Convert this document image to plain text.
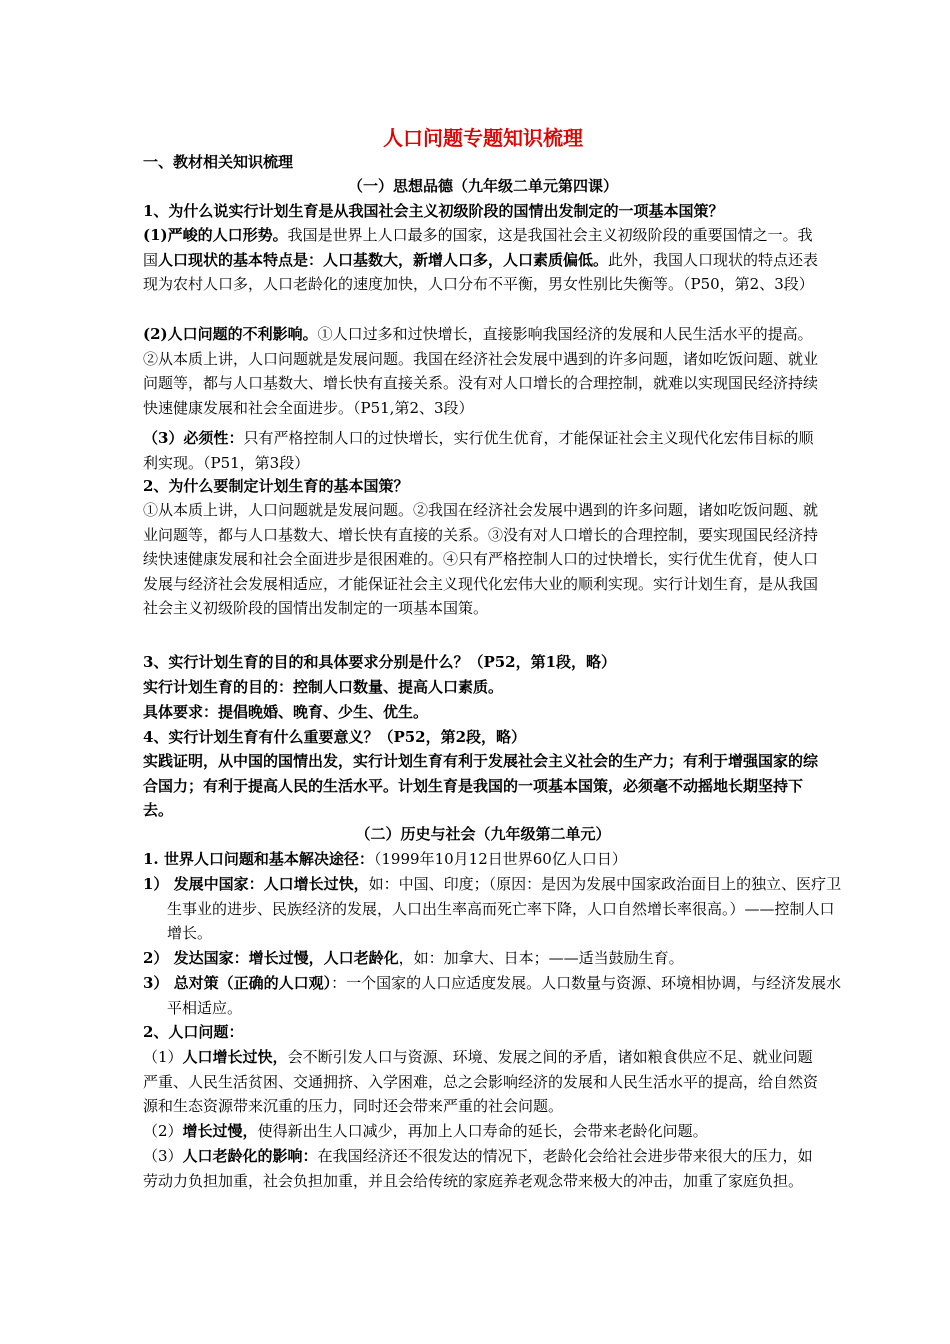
人口问题专题知识梳理
一、教材相关知识梳理
（一）思想品德（九年级二单元第四课）
1、为什么说实行计划生育是从我国社会主义初级阶段的国情出发制定的一项基本国策？
(1)严峻的人口形势。我国是世界上人口最多的国家，这是我国社会主义初级阶段的重要国情之一。我国人口现状的基本特点是：人口基数大，新增人口多，人口素质偏低。此外，我国人口现状的特点还表现为农村人口多，人口老龄化的速度加快，人口分布不平衡，男女性别比失衡等。（P50，第2、3段）
(2)人口问题的不利影响。①人口过多和过快增长，直接影响我国经济的发展和人民生活水平的提高。②从本质上讲，人口问题就是发展问题。我国在经济社会发展中遇到的许多问题，诸如吃饭问题、就业问题等，都与人口基数大、增长快有直接关系。没有对人口增长的合理控制，就难以实现国民经济持续快速健康发展和社会全面进步。（P51,第2、3段）
（3）必须性：只有严格控制人口的过快增长，实行优生优育，才能保证社会主义现代化宏伟目标的顺利实现。（P51，第3段）
2、为什么要制定计划生育的基本国策？
①从本质上讲，人口问题就是发展问题。②我国在经济社会发展中遇到的许多问题，诸如吃饭问题、就业问题等，都与人口基数大、增长快有直接的关系。③没有对人口增长的合理控制，要实现国民经济持续快速健康发展和社会全面进步是很困难的。④只有严格控制人口的过快增长，实行优生优育，使人口发展与经济社会发展相适应，才能保证社会主义现代化宏伟大业的顺利实现。实行计划生育，是从我国社会主义初级阶段的国情出发制定的一项基本国策。
3、实行计划生育的目的和具体要求分别是什么？（P52，第1段，略）
实行计划生育的目的：控制人口数量、提高人口素质。
具体要求：提倡晚婚、晚育、少生、优生。
4、实行计划生育有什么重要意义？（P52，第2段，略）
实践证明，从中国的国情出发，实行计划生育有利于发展社会主义社会的生产力；有利于增强国家的综合国力；有利于提高人民的生活水平。计划生育是我国的一项基本国策，必须毫不动摇地长期坚持下去。
（二）历史与社会（九年级第二单元）
1. 世界人口问题和基本解决途径：（1999年10月12日世界60亿人口日）
1） 发展中国家：人口增长过快，如：中国、印度；（原因：是因为发展中国家政治面目上的独立、医疗卫生事业的进步、民族经济的发展，人口出生率高而死亡率下降，人口自然增长率很高。）——控制人口增长。
2） 发达国家：增长过慢，人口老龄化，如：加拿大、日本；——适当鼓励生育。
3） 总对策（正确的人口观）：一个国家的人口应适度发展。人口数量与资源、环境相协调，与经济发展水平相适应。
2、人口问题：
（1）人口增长过快，会不断引发人口与资源、环境、发展之间的矛盾，诸如粮食供应不足、就业问题严重、人民生活贫困、交通拥挤、入学困难，总之会影响经济的发展和人民生活水平的提高，给自然资源和生态资源带来沉重的压力，同时还会带来严重的社会问题。
（2）增长过慢，使得新出生人口减少，再加上人口寿命的延长，会带来老龄化问题。
（3）人口老龄化的影响：在我国经济还不很发达的情况下，老龄化会给社会进步带来很大的压力，如劳动力负担加重，社会负担加重，并且会给传统的家庭养老观念带来极大的冲击，加重了家庭负担。
